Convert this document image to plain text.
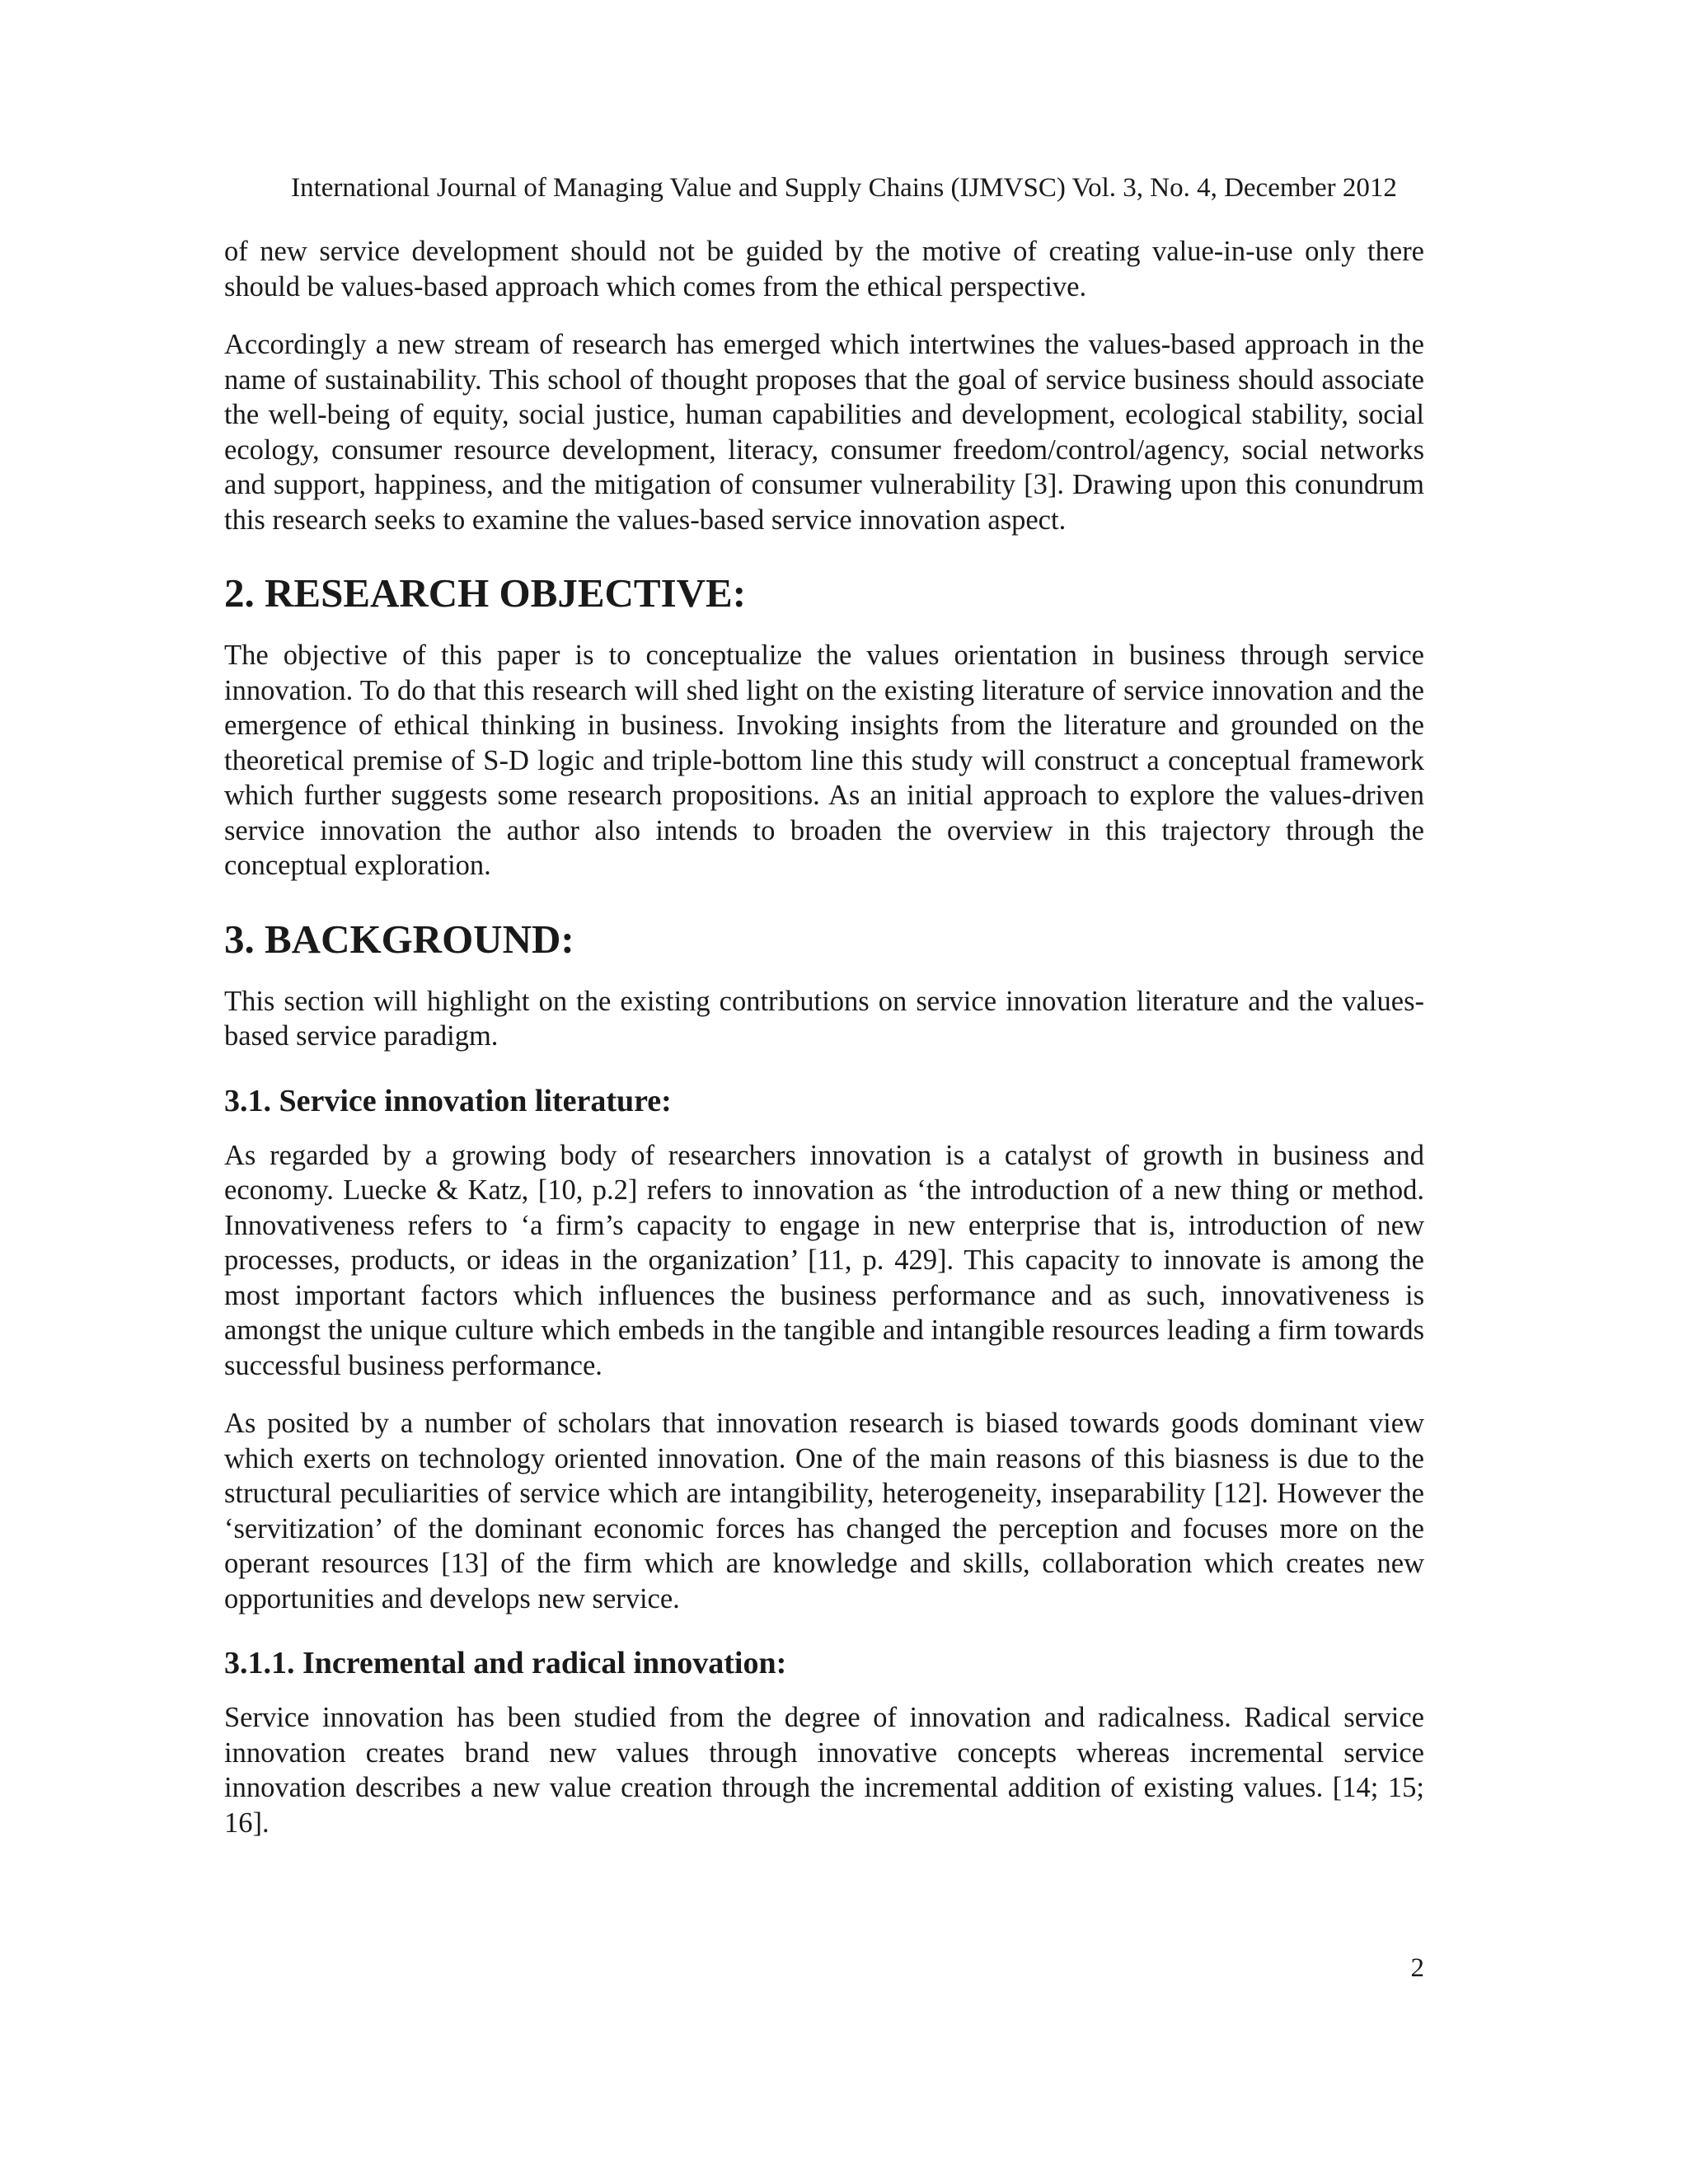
International Journal of Managing Value and Supply Chains (IJMVSC) Vol. 3, No. 4, December 2012

of new service development should not be guided by the motive of creating value-in-use only there should be values-based approach which comes from the ethical perspective.

Accordingly a new stream of research has emerged which intertwines the values-based approach in the name of sustainability. This school of thought proposes that the goal of service business should associate the well-being of equity, social justice, human capabilities and development, ecological stability, social ecology, consumer resource development, literacy, consumer freedom/control/agency, social networks and support, happiness, and the mitigation of consumer vulnerability [3]. Drawing upon this conundrum this research seeks to examine the values-based service innovation aspect.

2. RESEARCH OBJECTIVE:

The objective of this paper is to conceptualize the values orientation in business through service innovation. To do that this research will shed light on the existing literature of service innovation and the emergence of ethical thinking in business. Invoking insights from the literature and grounded on the theoretical premise of S-D logic and triple-bottom line this study will construct a conceptual framework which further suggests some research propositions. As an initial approach to explore the values-driven service innovation the author also intends to broaden the overview in this trajectory through the conceptual exploration.

3. BACKGROUND:

This section will highlight on the existing contributions on service innovation literature and the values-based service paradigm.

3.1. Service innovation literature:

As regarded by a growing body of researchers innovation is a catalyst of growth in business and economy. Luecke & Katz, [10, p.2] refers to innovation as ‘the introduction of a new thing or method. Innovativeness refers to ‘a firm’s capacity to engage in new enterprise that is, introduction of new processes, products, or ideas in the organization’ [11, p. 429]. This capacity to innovate is among the most important factors which influences the business performance and as such, innovativeness is amongst the unique culture which embeds in the tangible and intangible resources leading a firm towards successful business performance.

As posited by a number of scholars that innovation research is biased towards goods dominant view which exerts on technology oriented innovation. One of the main reasons of this biasness is due to the structural peculiarities of service which are intangibility, heterogeneity, inseparability [12]. However the ‘servitization’ of the dominant economic forces has changed the perception and focuses more on the operant resources [13] of the firm which are knowledge and skills, collaboration which creates new opportunities and develops new service.

3.1.1. Incremental and radical innovation:

Service innovation has been studied from the degree of innovation and radicalness. Radical service innovation creates brand new values through innovative concepts whereas incremental service innovation describes a new value creation through the incremental addition of existing values. [14; 15; 16].

2
